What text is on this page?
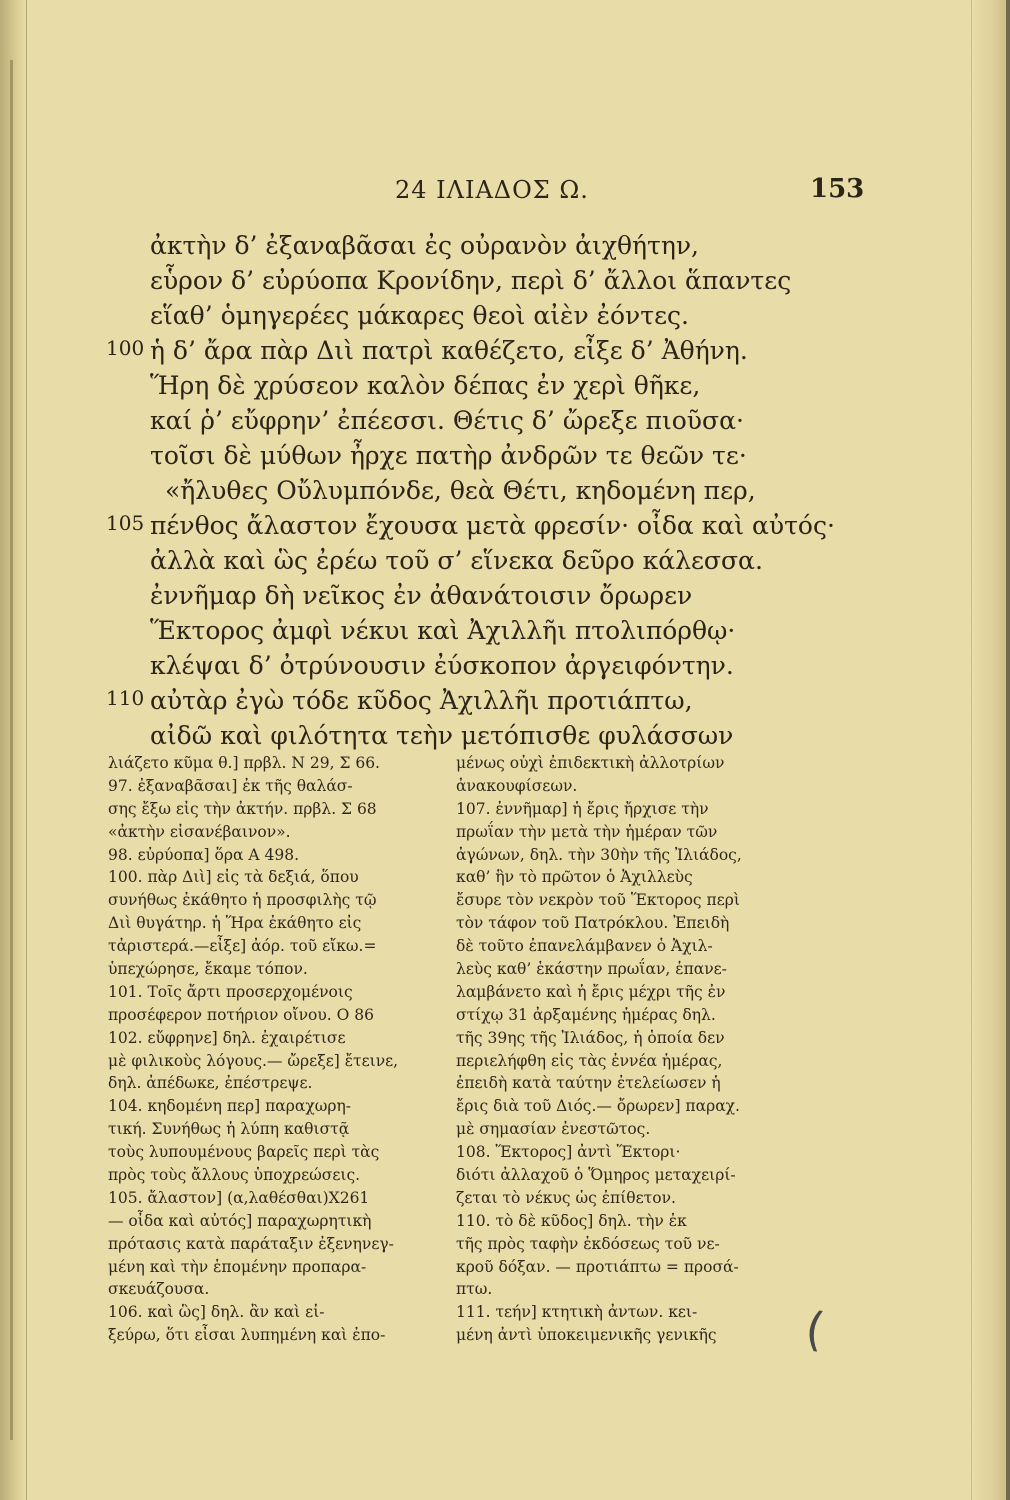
24 ΙΛΙΑΔΟΣ Ω.	153
ἀκτὴν δ’ ἐξαναβᾶσαι ἐς οὐρανὸν ἀιχθήτην,
εὗρον δ’ εὐρύοπα Κρονίδην, περὶ δ’ ἄλλοι ἅπαντες
εἵαθ’ ὁμηγερέες μάκαρες θεοὶ αἰὲν ἐόντες.
100 ἡ δ’ ἄρα πὰρ Διὶ πατρὶ καθέζετο, εἶξε δ’ Ἀθήνη.
Ἥρη δὲ χρύσεον καλὸν δέπας ἐν χερὶ θῆκε,
καί ῥ’ εὔφρην’ ἐπέεσσι. Θέτις δ’ ὤρεξε πιοῦσα·
τοῖσι δὲ μύθων ἦρχε πατὴρ ἀνδρῶν τε θεῶν τε·
«ἤλυθες Οὔλυμπόνδε, θεὰ Θέτι, κηδομένη περ,
105 πένθος ἄλαστον ἔχουσα μετὰ φρεσίν· οἶδα καὶ αὐτός·
ἀλλὰ καὶ ὣς ἐρέω τοῦ σ’ εἵνεκα δεῦρο κάλεσσα.
ἐννῆμαρ δὴ νεῖκος ἐν ἀθανάτοισιν ὄρωρεν
Ἕκτορος ἀμφὶ νέκυι καὶ Ἀχιλλῆι πτολιπόρθῳ·
κλέψαι δ’ ὀτρύνουσιν ἐύσκοπον ἀργειφόντην.
110 αὐτὰρ ἐγὼ τόδε κῦδος Ἀχιλλῆι προτιάπτω,
αἰδῶ καὶ φιλότητα τεὴν μετόπισθε φυλάσσων
λιάζετο κῦμα θ.] πρβλ. Ν 29, Σ 66.
97. ἐξαναβᾶσαι] ἐκ τῆς θαλάσ-
σης ἔξω εἰς τὴν ἀκτήν. πρβλ. Σ 68
«ἀκτὴν εἰσανέβαινον».
98. εὐρύοπα] ὅρα Α 498.
100. πὰρ Διὶ] εἰς τὰ δεξιά, ὅπου
συνήθως ἐκάθητο ἡ προσφιλὴς τῷ
Διὶ θυγάτηρ. ἡ Ἥρα ἐκάθητο εἰς
τἀριστερά.—εἶξε] ἀόρ. τοῦ εἴκω.=
ὑπεχώρησε, ἔκαμε τόπον.
101. Τοῖς ἄρτι προσερχομένοις
προσέφερον ποτήριον οἴνου. Ο 86
102. εὔφρηνε] δηλ. ἐχαιρέτισε
μὲ φιλικοὺς λόγους.— ὤρεξε] ἔτεινε,
δηλ. ἀπέδωκε, ἐπέστρεψε.
104. κηδομένη περ] παραχωρη-
τική. Συνήθως ἡ λύπη καθιστᾷ
τοὺς λυπουμένους βαρεῖς περὶ τὰς
πρὸς τοὺς ἄλλους ὑποχρεώσεις.
105. ἄλαστον] (α,λαθέσθαι)Χ261
— οἶδα καὶ αὐτός] παραχωρητικὴ
πρότασις κατὰ παράταξιν ἐξενηνεγ-
μένη καὶ τὴν ἑπομένην προπαρα-
σκευάζουσα.
106. καὶ ὣς] δηλ. ἂν καὶ εἰ-
ξεύρω, ὅτι εἶσαι λυπημένη καὶ ἐπο-
μένως οὐχὶ ἐπιδεκτικὴ ἀλλοτρίων
ἀνακουφίσεων.
107. ἐννῆμαρ] ἡ ἔρις ἤρχισε τὴν
πρωΐαν τὴν μετὰ τὴν ἡμέραν τῶν
ἀγώνων, δηλ. τὴν 30ὴν τῆς Ἰλιάδος,
καθ’ ἣν τὸ πρῶτον ὁ Ἀχιλλεὺς
ἔσυρε τὸν νεκρὸν τοῦ Ἕκτορος περὶ
τὸν τάφον τοῦ Πατρόκλου. Ἐπειδὴ
δὲ τοῦτο ἐπανελάμβανεν ὁ Ἀχιλ-
λεὺς καθ’ ἑκάστην πρωΐαν, ἐπανε-
λαμβάνετο καὶ ἡ ἔρις μέχρι τῆς ἐν
στίχῳ 31 ἀρξαμένης ἡμέρας δηλ.
τῆς 39ης τῆς Ἰλιάδος, ἡ ὁποία δεν
περιελήφθη εἰς τὰς ἐννέα ἡμέρας,
ἐπειδὴ κατὰ ταύτην ἐτελείωσεν ἡ
ἔρις διὰ τοῦ Διός.— ὄρωρεν] παραχ.
μὲ σημασίαν ἐνεστῶτος.
108. Ἕκτορος] ἀντὶ Ἕκτορι·
διότι ἀλλαχοῦ ὁ Ὅμηρος μεταχειρί-
ζεται τὸ νέκυς ὡς ἐπίθετον.
110. τὸ δὲ κῦδος] δηλ. τὴν ἐκ
τῆς πρὸς ταφὴν ἐκδόσεως τοῦ νε-
κροῦ δόξαν. — προτιάπτω = προσά-
πτω.
111. τεήν] κτητικὴ ἀντων. κει-
μένη ἀντὶ ὑποκειμενικῆς γενικῆς	(
